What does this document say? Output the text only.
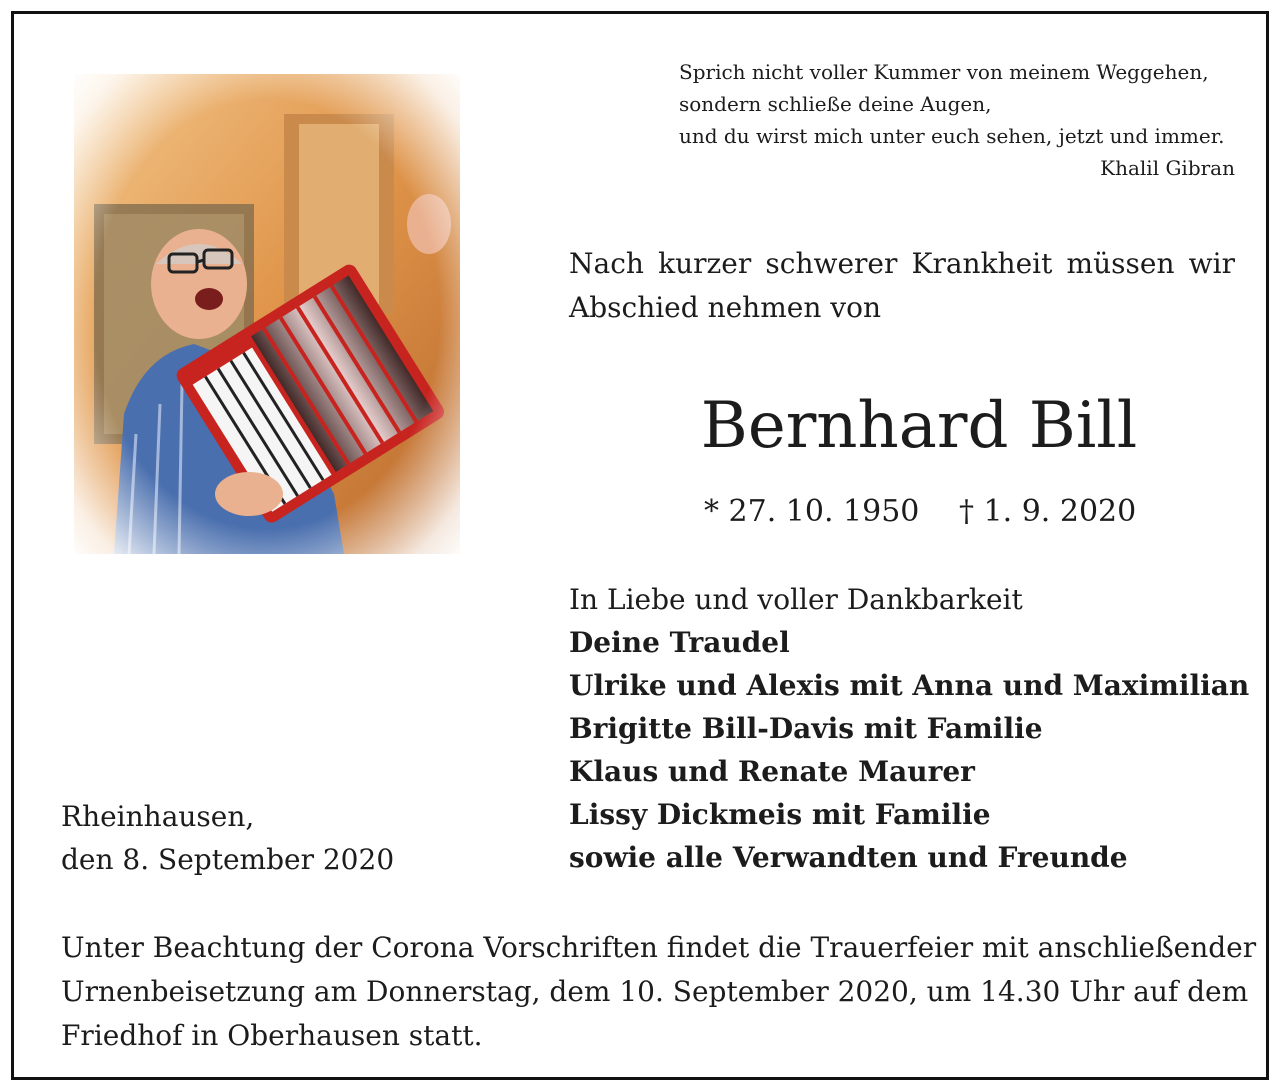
Sprich nicht voller Kummer von meinem Weggehen,
sondern schließe deine Augen,
und du wirst mich unter euch sehen, jetzt und immer.
Khalil Gibran
Nach kurzer schwerer Krankheit müssen wir
Abschied nehmen von
Bernhard Bill
* 27. 10. 1950 † 1. 9. 2020
In Liebe und voller Dankbarkeit
Deine Traudel
Ulrike und Alexis mit Anna und Maximilian
Brigitte Bill-Davis mit Familie
Klaus und Renate Maurer
Lissy Dickmeis mit Familie
sowie alle Verwandten und Freunde
Rheinhausen,
den 8. September 2020
Unter Beachtung der Corona Vorschriften findet die Trauerfeier mit anschließender
Urnenbeisetzung am Donnerstag, dem 10. September 2020, um 14.30 Uhr auf dem
Friedhof in Oberhausen statt.
